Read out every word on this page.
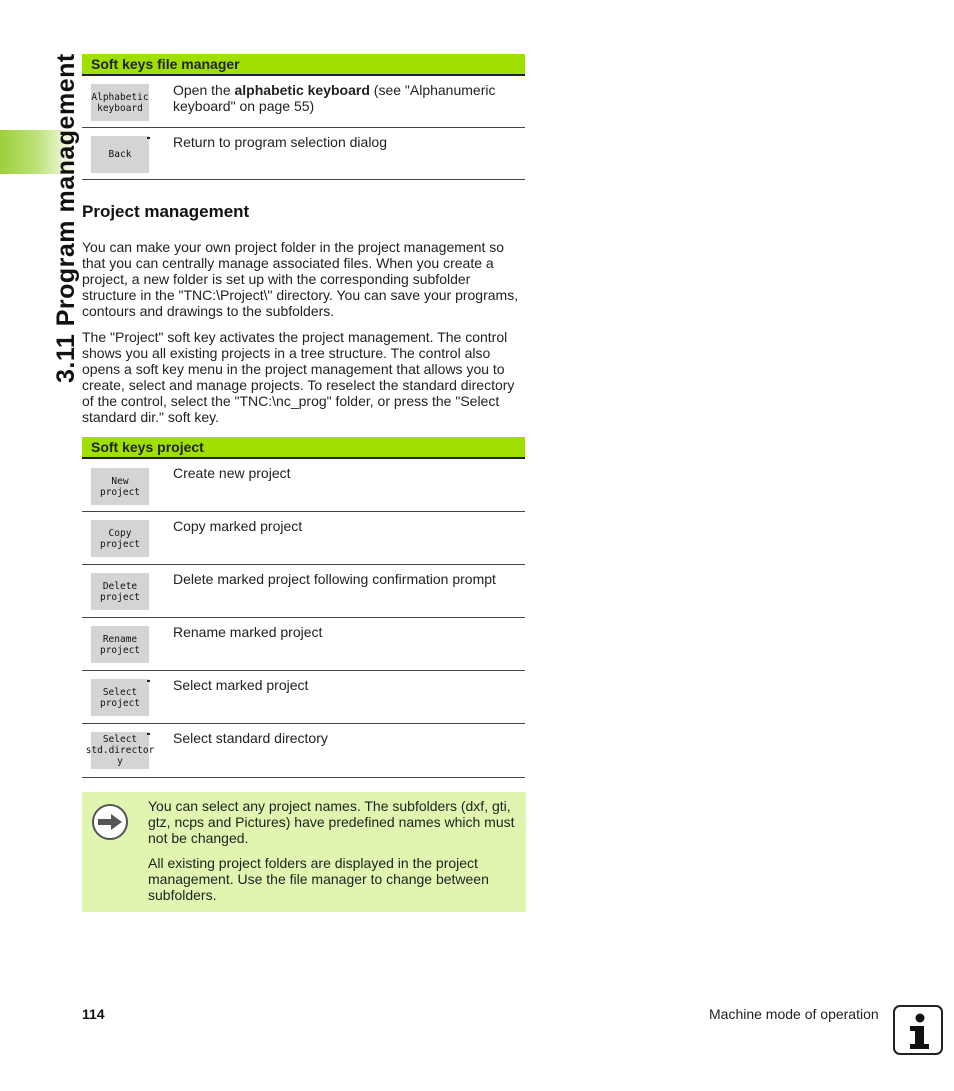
3.11 Program management Soft keys file manager
Alphabetic
keyboard
Open the alphabetic keyboard (see "Alphanumeric keyboard" on page 55)
Back
Return to program selection dialog
Project management

You can make your own project folder in the project management so that you can centrally manage associated files. When you create a project, a new folder is set up with the corresponding subfolder structure in the "TNC:\Project\" directory. You can save your programs, contours and drawings to the subfolders.

The "Project" soft key activates the project management. The control shows you all existing projects in a tree structure. The control also opens a soft key menu in the project management that allows you to create, select and manage projects. To reselect the standard directory of the control, select the "TNC:\nc_prog" folder, or press the "Select standard dir." soft key.

Soft keys project
New
project
Create new project
Copy
project
Copy marked project
Delete
project
Delete marked project following confirmation prompt
Rename
project
Rename marked project
Select
project
Select marked project
Select
std.director
y
Select standard directory

You can select any project names. The subfolders (dxf, gti, gtz, ncps and Pictures) have predefined names which must not be changed.

All existing project folders are displayed in the project management. Use the file manager to change between subfolders.

114	Machine mode of operation
